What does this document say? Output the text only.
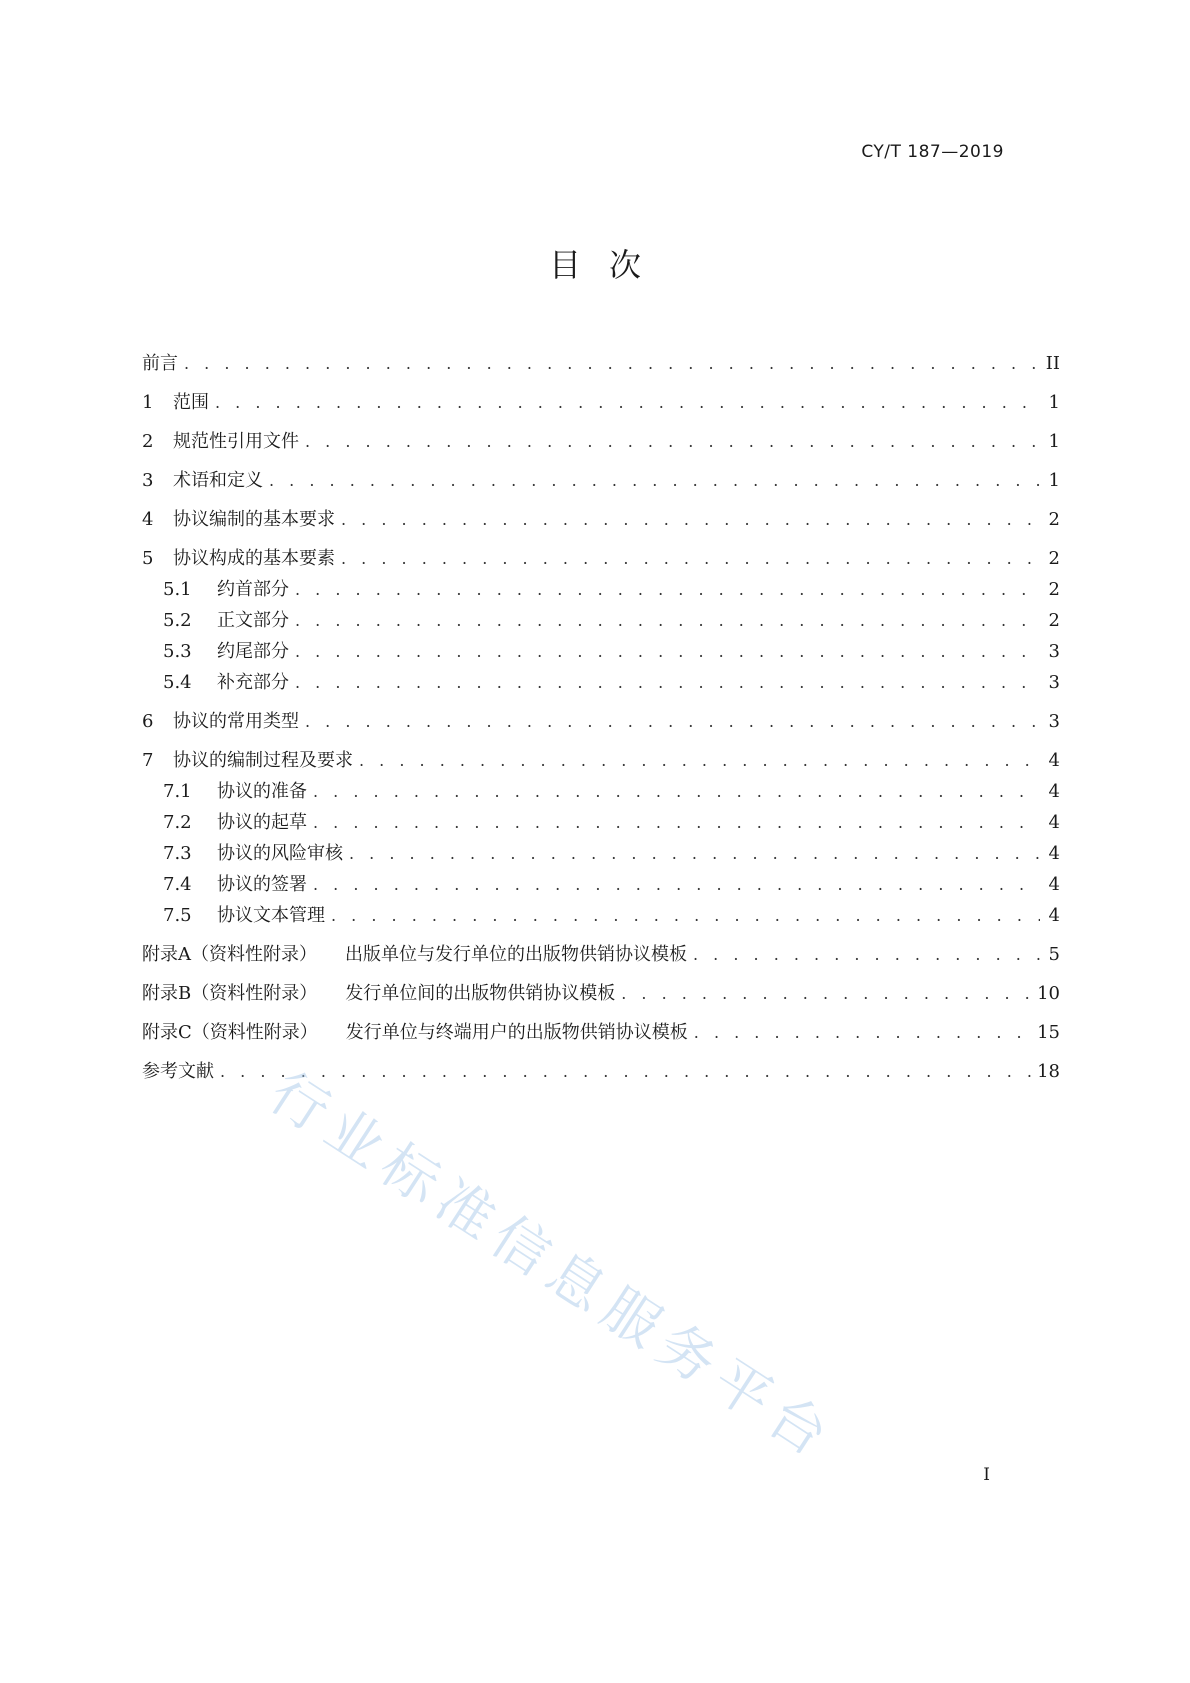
CY/T 187—2019
目次
前言 . . .	II
1	范围 . . .	1
2	规范性引用文件 . . .	1
3	术语和定义 . . .	1
4	协议编制的基本要求 . . .	2
5	协议构成的基本要素 . . .	2
5.1	约首部分 . . .	2
5.2	正文部分 . . .	2
5.3	约尾部分 . . .	3
5.4	补充部分 . . .	3
6	协议的常用类型 . . .	3
7	协议的编制过程及要求 . . .	4
7.1	协议的准备 . . .	4
7.2	协议的起草 . . .	4
7.3	协议的风险审核 . . .	4
7.4	协议的签署 . . .	4
7.5	协议文本管理 . . .	4
附录A（资料性附录） 出版单位与发行单位的出版物供销协议模板 . . .	5
附录B（资料性附录） 发行单位间的出版物供销协议模板 . . .	10
附录C（资料性附录） 发行单位与终端用户的出版物供销协议模板 . . .	15
参考文献 . . .	18
行业标准信息服务平台
I
